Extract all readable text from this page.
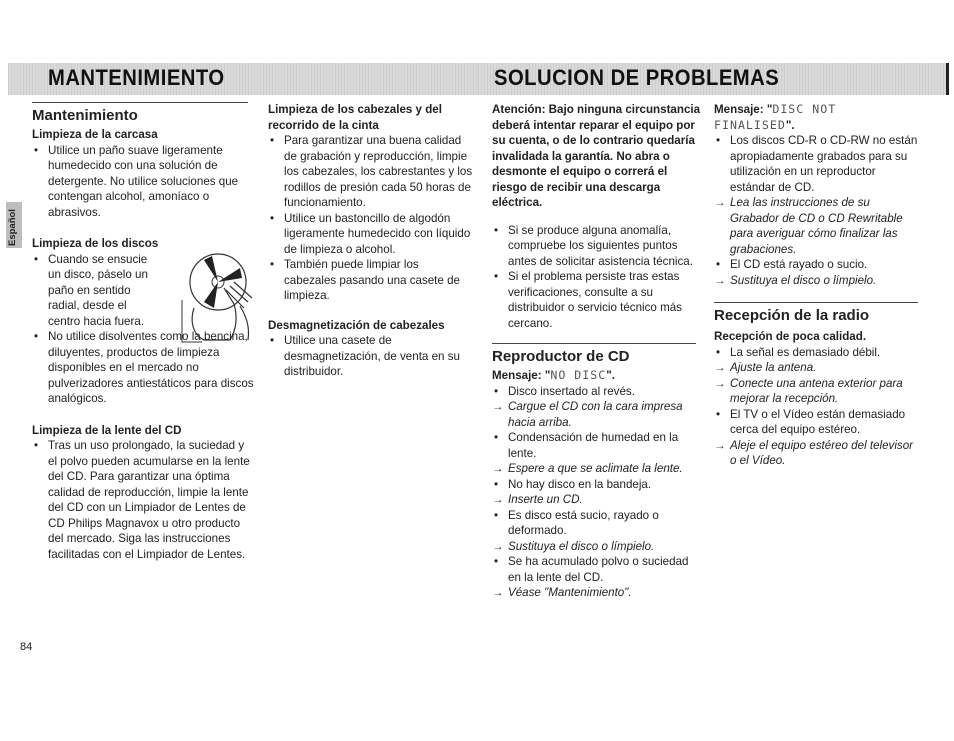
MANTENIMIENTO	SOLUCION DE PROBLEMAS
Español

Mantenimiento

Limpieza de la carcasa

• Utilice un paño suave ligeramente humedecido con una solución de detergente. No utilice soluciones que contengan alcohol, amoníaco o abrasivos.

Limpieza de los discos

• Cuando se ensucie un disco, páselo un paño en sentido radial, desde el centro hacia fuera.
• No utilice disolventes como la bencina, diluyentes, productos de limpieza disponibles en el mercado no pulverizadores antiestáticos para discos analógicos.

Limpieza de la lente del CD

• Tras un uso prolongado, la suciedad y el polvo pueden acumularse en la lente del CD. Para garantizar una óptima calidad de reproducción, limpie la lente del CD con un Limpiador de Lentes de CD Philips Magnavox u otro producto del mercado. Siga las instrucciones facilitadas con el Limpiador de Lentes.

Limpieza de los cabezales y del recorrido de la cinta

• Para garantizar una buena calidad de grabación y reproducción, limpie los cabezales, los cabrestantes y los rodillos de presión cada 50 horas de funcionamiento.
• Utilice un bastoncillo de algodón ligeramente humedecido con líquido de limpieza o alcohol.
• También puede limpiar los cabezales pasando una casete de limpieza.

Desmagnetización de cabezales

• Utilice una casete de desmagnetización, de venta en su distribuidor.

Atención: Bajo ninguna circunstancia deberá intentar reparar el equipo por su cuenta, o de lo contrario quedaría invalidada la garantía. No abra o desmonte el equipo o correrá el riesgo de recibir una descarga eléctrica.

• Si se produce alguna anomalía, compruebe los siguientes puntos antes de solicitar asistencia técnica.
• Si el problema persiste tras estas verificaciones, consulte a su distribuidor o servicio técnico más cercano.

Reproductor de CD

Mensaje: "NO DISC".

• Disco insertado al revés.
→ Cargue el CD con la cara impresa hacia arriba.
• Condensación de humedad en la lente.
→ Espere a que se aclimate la lente.
• No hay disco en la bandeja.
→ Inserte un CD.
• Es disco está sucio, rayado o deformado.
→ Sustituya el disco o límpielo.
• Se ha acumulado polvo o suciedad en la lente del CD.
→ Véase "Mantenimiento".

Mensaje: "DISC NOT FINALISED".

• Los discos CD-R o CD-RW no están apropiadamente grabados para su utilización en un reproductor estándar de CD.
→ Lea las instrucciones de su Grabador de CD o CD Rewritable para averiguar cómo finalizar las grabaciones.
• El CD está rayado o sucio.
→ Sustituya el disco o límpielo.

Recepción de la radio

Recepción de poca calidad.

• La señal es demasiado débil.
→ Ajuste la antena.
→ Conecte una antena exterior para mejorar la recepción.
• El TV o el Vídeo están demasiado cerca del equipo estéreo.
→ Aleje el equipo estéreo del televisor o el Vídeo.
84
